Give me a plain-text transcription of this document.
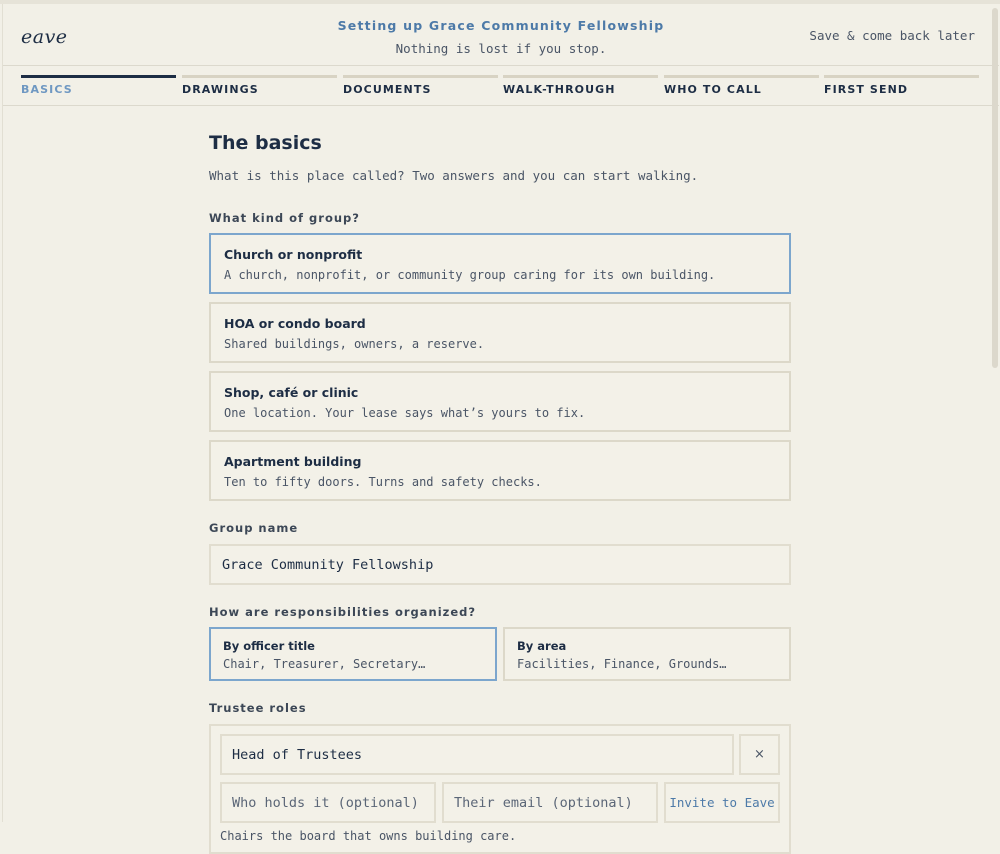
eave
Setting up Grace Community Fellowship
Nothing is lost if you stop.
Save & come back later
BASICS	DRAWINGS	DOCUMENTS	WALK-THROUGH	WHO TO CALL	FIRST SEND
The basics

What is this place called? Two answers and you can start walking.

What kind of group?
Church or nonprofit
A church, nonprofit, or community group caring for its own building.
HOA or condo board
Shared buildings, owners, a reserve.
Shop, café or clinic
One location. Your lease says what’s yours to fix.
Apartment building
Ten to fifty doors. Turns and safety checks.
Group name
Grace Community Fellowship
How are responsibilities organized?
By officer title
Chair, Treasurer, Secretary…
By area
Facilities, Finance, Grounds…
Trustee roles
Head of Trustees
×
Who holds it (optional)
Their email (optional)
Invite to Eave
Chairs the board that owns building care.
